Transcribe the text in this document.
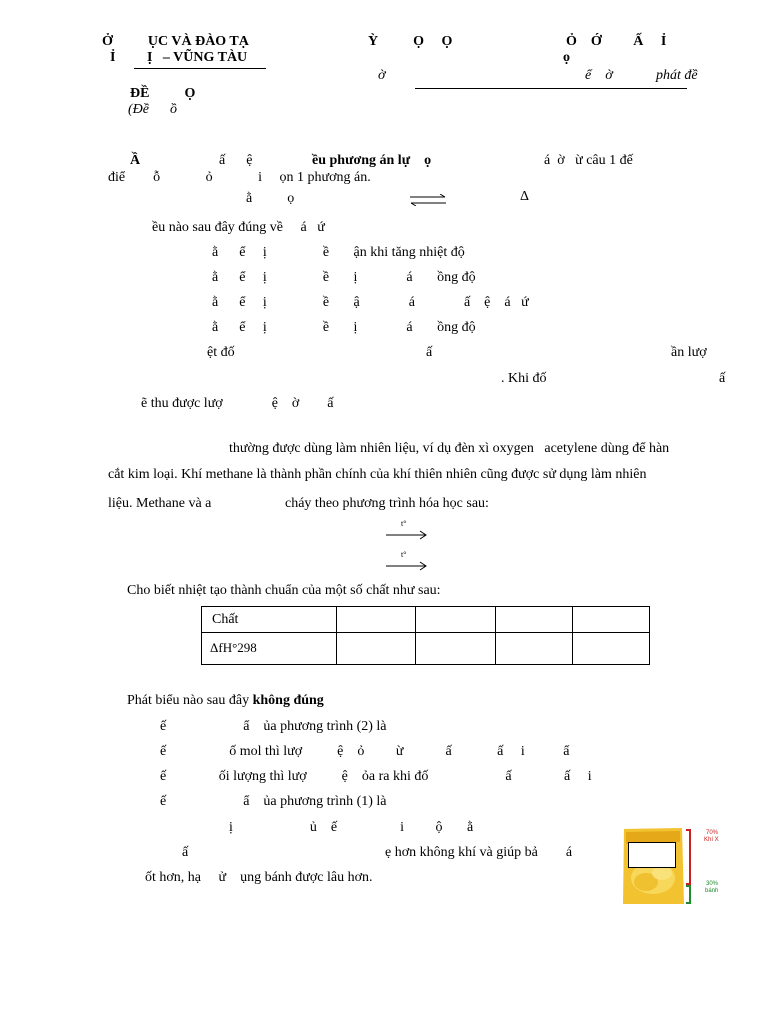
Ở          ỤC VÀ ĐÀO TẠ
Ỉ         Ị   – VŨNG TÀU
Ỳ          Ọ     Ọ	Ỏ    Ớ         Ấ     Ỉ
ọ
ờ	ể    ờ	phát đề
ĐỀ          Ọ
(Đề      ồ
Ầ	ấ      ệ	ều phương án lự    ọ	á  ờ   ừ câu 1 đế
điể        ỗ             ỏ             i     ọn 1 phương án.
ằ          ọ	Δ
ều nào sau đây đúng về     á   ứ
ằ      ể     ị                ề       ận khi tăng nhiệt độ
ằ      ể     ị                ề       ị              á       ồng độ
ằ      ể     ị                ề       ậ              á              ấ    ệ    á   ứ
ằ      ể     ị                ề       ị              á       ồng độ
ệt đố	ấ	ần lượ
. Khi đố	ấ
ẽ thu được lượ              ệ    ờ        ấ
thường được dùng làm nhiên liệu, ví dụ đèn xì oxygen   acetylene dùng để hàn
cắt kim loại. Khí methane là thành phần chính của khí thiên nhiên cũng được sử dụng làm nhiên
liệu. Methane và a	cháy theo phương trình hóa học sau:
t°
t°
Cho biết nhiệt tạo thành chuẩn của một số chất như sau:
Chất				
ΔfH°298				
Phát biểu nào sau đây không đúng
ế                      ẩ    ủa phương trình (2) là
ế                  ố mol thì lượ          ệ    ỏ         ừ            ấ             ấ     i           ẩ
ế               ối lượng thì lượ          ệ    ỏa ra khi đố                      ấ               ấ     i
ế                      ẩ    ủa phương trình (1) là
ị                      ủ    ế                  i         ộ       ằ
ấ	ẹ hơn không khí và giúp bả        á
ốt hơn, hạ     ử    ụng bánh được lâu hơn.
70%
Khí X
30%
bánh
